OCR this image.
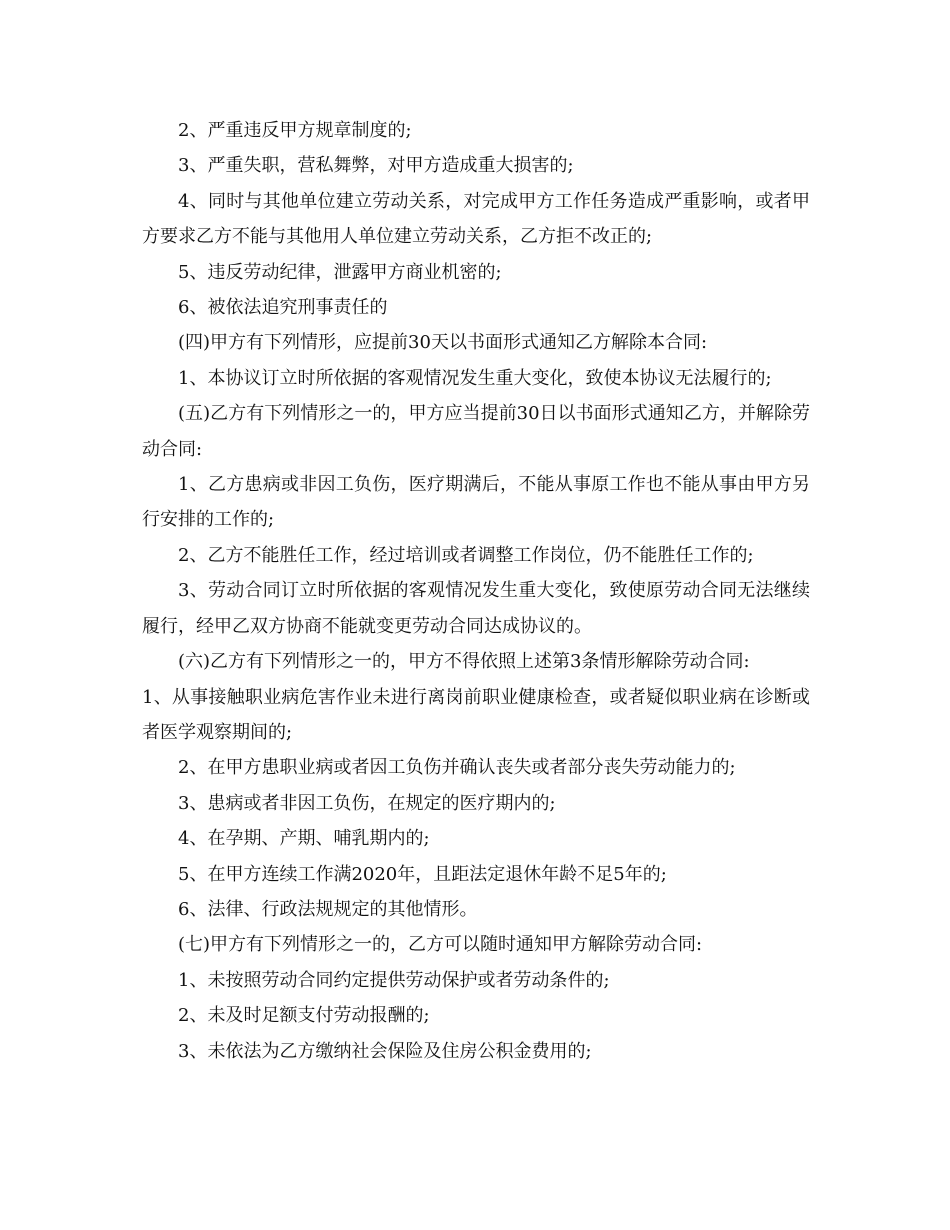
2、严重违反甲方规章制度的;

3、严重失职，营私舞弊，对甲方造成重大损害的;

4、同时与其他单位建立劳动关系，对完成甲方工作任务造成严重影响，或者甲方要求乙方不能与其他用人单位建立劳动关系，乙方拒不改正的;

5、违反劳动纪律，泄露甲方商业机密的;

6、被依法追究刑事责任的

(四)甲方有下列情形，应提前30天以书面形式通知乙方解除本合同:

1、本协议订立时所依据的客观情况发生重大变化，致使本协议无法履行的;

(五)乙方有下列情形之一的，甲方应当提前30日以书面形式通知乙方，并解除劳动合同:

1、乙方患病或非因工负伤，医疗期满后，不能从事原工作也不能从事由甲方另行安排的工作的;

2、乙方不能胜任工作，经过培训或者调整工作岗位，仍不能胜任工作的;

3、劳动合同订立时所依据的客观情况发生重大变化，致使原劳动合同无法继续履行，经甲乙双方协商不能就变更劳动合同达成协议的。

(六)乙方有下列情形之一的，甲方不得依照上述第3条情形解除劳动合同:

1、从事接触职业病危害作业未进行离岗前职业健康检查，或者疑似职业病在诊断或者医学观察期间的;

2、在甲方患职业病或者因工负伤并确认丧失或者部分丧失劳动能力的;

3、患病或者非因工负伤，在规定的医疗期内的;

4、在孕期、产期、哺乳期内的;

5、在甲方连续工作满2020年，且距法定退休年龄不足5年的;

6、法律、行政法规规定的其他情形。

(七)甲方有下列情形之一的，乙方可以随时通知甲方解除劳动合同:

1、未按照劳动合同约定提供劳动保护或者劳动条件的;

2、未及时足额支付劳动报酬的;

3、未依法为乙方缴纳社会保险及住房公积金费用的;
